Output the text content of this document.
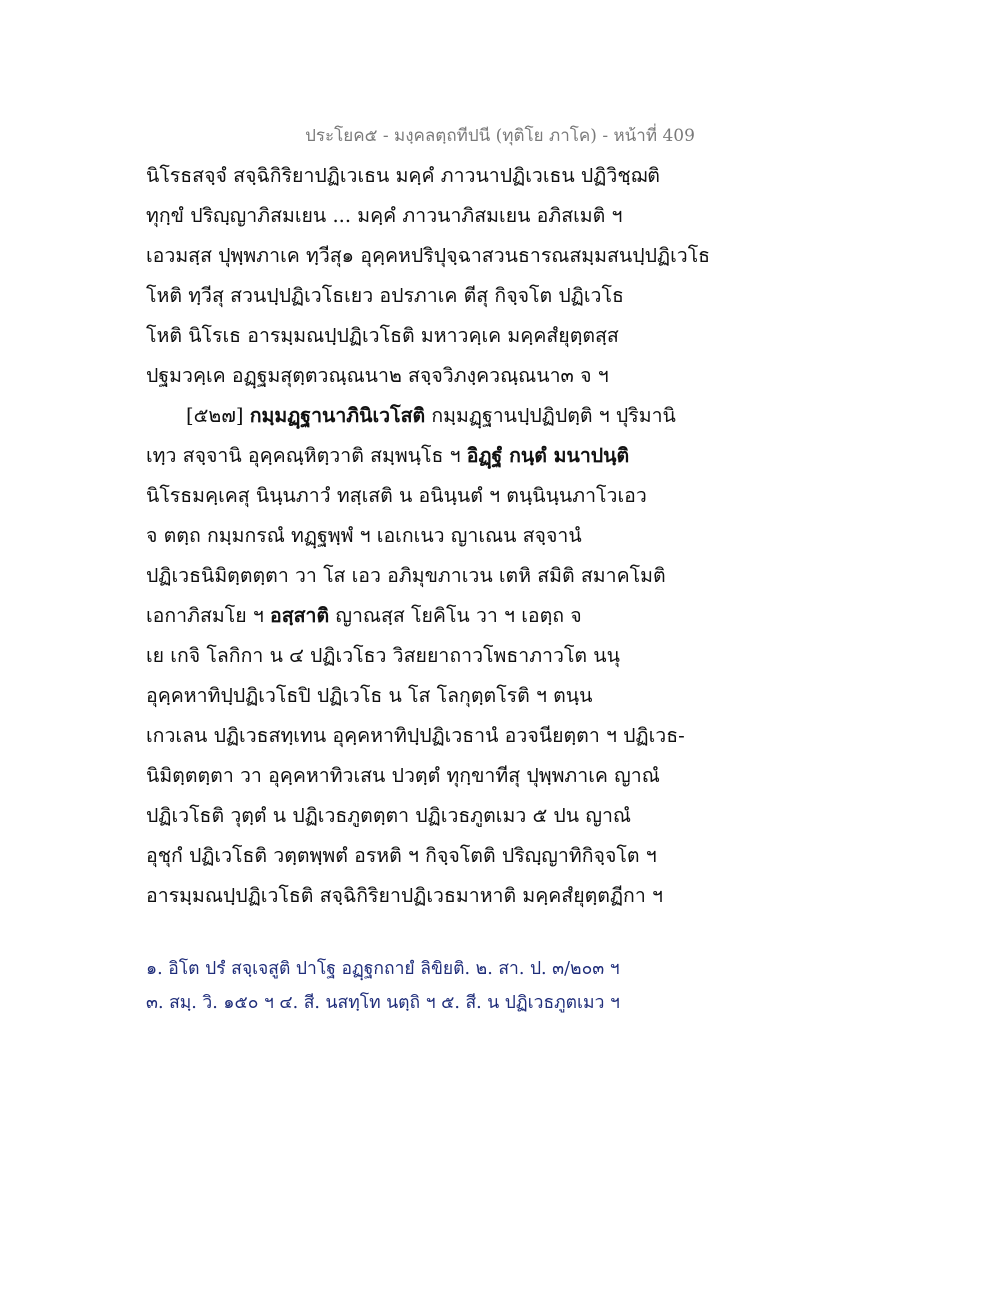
ประโยค๕ - มงฺคลตฺถทีปนี (ทุติโย ภาโค) - หน้าที่ 409
นิโรธสจฺจํ สจฺฉิกิริยาปฏิเวเธน มคฺคํ ภาวนาปฏิเวเธน ปฏิวิชฺฌติ
ทุกฺขํ ปริญฺญาภิสมเยน ... มคฺคํ ภาวนาภิสมเยน อภิสเมติ ฯ
เอวมสฺส ปุพฺพภาเค ทฺวีสุ๑ อุคฺคหปริปุจฺฉาสวนธารณสมฺมสนปฺปฏิเวโธ
โหติ ทฺวีสุ สวนปฺปฏิเวโธเยว อปรภาเค ตีสุ กิจฺจโต ปฏิเวโธ
โหติ นิโรเธ อารมฺมณปฺปฏิเวโธติ มหาวคฺเค มคฺคสํยุตฺตสฺส
ปฐมวคฺเค อฏฺฐมสุตฺตวณฺณนา๒ สจฺจวิภงฺควณฺณนา๓ จ ฯ
[๕๒๗] กมฺมฏฺฐานาภินิเวโสติ กมฺมฏฺฐานปฺปฏิปตฺติ ฯ ปุริมานิ
เทฺว สจฺจานิ อุคฺคณฺหิตฺวาติ สมฺพนฺโธ ฯ อิฏฺฐํ กนฺตํ มนาปนฺติ
นิโรธมคฺเคสุ นินฺนภาวํ ทสฺเสติ น อนินฺนตํ ฯ ตนฺนินฺนภาโวเอว
จ ตตฺถ กมฺมกรณํ ทฏฺฐพฺพํ ฯ เอเกเนว ญาเณน สจฺจานํ
ปฏิเวธนิมิตฺตตฺตา วา โส เอว อภิมุขภาเวน เตหิ สมิติ สมาคโมติ
เอกาภิสมโย ฯ อสฺสาติ ญาณสฺส โยคิโน วา ฯ เอตฺถ จ
เย เกจิ โลกิกา น ๔ ปฏิเวโธว วิสยยาถาวโพธาภาวโต นนุ
อุคฺคหาทิปฺปฏิเวโธปิ ปฏิเวโธ น โส โลกุตฺตโรติ ฯ ตนฺน
เกวเลน ปฏิเวธสทฺเทน อุคฺคหาทิปฺปฏิเวธานํ อวจนียตฺตา ฯ ปฏิเวธ-
นิมิตฺตตฺตา วา อุคฺคหาทิวเสน ปวตฺตํ ทุกฺขาทีสุ ปุพฺพภาเค ญาณํ
ปฏิเวโธติ วุตฺตํ น ปฏิเวธภูตตฺตา ปฏิเวธภูตเมว ๕ ปน ญาณํ
อุชุกํ ปฏิเวโธติ วตฺตพฺพตํ อรหติ ฯ กิจฺจโตติ ปริญฺญาทิกิจฺจโต ฯ
อารมฺมณปฺปฏิเวโธติ สจฺฉิกิริยาปฏิเวธมาหาติ มคฺคสํยุตฺตฏีกา ฯ
๑. อิโต ปรํ สจฺเจสูติ ปาโฐ อฏฺฐกถายํ ลิขิยติ. ๒. สา. ป. ๓/๒๐๓ ฯ
๓. สมฺ. วิ. ๑๕๐ ฯ ๔. สี. นสทฺโท นตฺถิ ฯ ๕. สี. น ปฏิเวธภูตเมว ฯ
